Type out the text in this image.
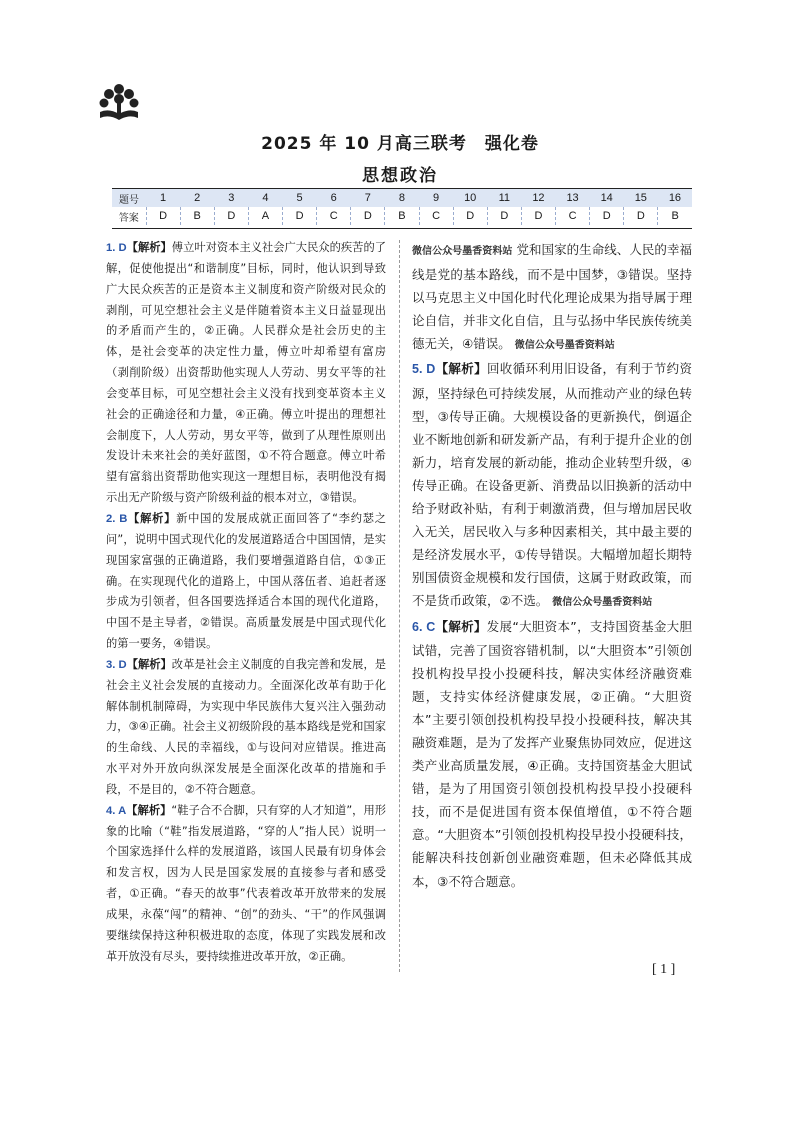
2025 年 10 月高三联考　强化卷
思想政治
题号	1	2	3	4	5	6	7	8	9	10	11	12	13	14	15	16
答案	D	B	D	A	D	C	D	B	C	D	D	D	C	D	D	B

1. D【解析】傅立叶对资本主义社会广大民众的疾苦的了解，促使他提出“和谐制度”目标，同时，他认识到导致广大民众疾苦的正是资本主义制度和资产阶级对民众的剥削，可见空想社会主义是伴随着资本主义日益显现出的矛盾而产生的，②正确。人民群众是社会历史的主体，是社会变革的决定性力量，傅立叶却希望有富房（剥削阶级）出资帮助他实现人人劳动、男女平等的社会变革目标，可见空想社会主义没有找到变革资本主义社会的正确途径和力量，④正确。傅立叶提出的理想社会制度下，人人劳动，男女平等，做到了从理性原则出发设计未来社会的美好蓝图，①不符合题意。傅立叶希望有富翁出资帮助他实现这一理想目标，表明他没有揭示出无产阶级与资产阶级利益的根本对立，③错误。

2. B【解析】新中国的发展成就正面回答了“李约瑟之问”，说明中国式现代化的发展道路适合中国国情，是实现国家富强的正确道路，我们要增强道路自信，①③正确。在实现现代化的道路上，中国从落伍者、追赶者逐步成为引领者，但各国要选择适合本国的现代化道路，中国不是主导者，②错误。高质量发展是中国式现代化的第一要务，④错误。

3. D【解析】改革是社会主义制度的自我完善和发展，是社会主义社会发展的直接动力。全面深化改革有助于化解体制机制障碍，为实现中华民族伟大复兴注入强劲动力，③④正确。社会主义初级阶段的基本路线是党和国家的生命线、人民的幸福线，①与设问对应错误。推进高水平对外开放向纵深发展是全面深化改革的措施和手段，不是目的，②不符合题意。

4. A【解析】“鞋子合不合脚，只有穿的人才知道”，用形象的比喻（“鞋”指发展道路，“穿的人”指人民）说明一个国家选择什么样的发展道路，该国人民最有切身体会和发言权，因为人民是国家发展的直接参与者和感受者，①正确。“春天的故事”代表着改革开放带来的发展成果，永葆“闯”的精神、“创”的劲头、“干”的作风强调要继续保持这种积极进取的态度，体现了实践发展和改革开放没有尽头，要持续推进改革开放，②正确。

微信公众号墨香资料站 党和国家的生命线、人民的幸福线是党的基本路线，而不是中国梦，③错误。坚持以马克思主义中国化时代化理论成果为指导属于理论自信，并非文化自信，且与弘扬中华民族传统美德无关，④错误。 微信公众号墨香资料站

5. D【解析】回收循环利用旧设备，有利于节约资源，坚持绿色可持续发展，从而推动产业的绿色转型，③传导正确。大规模设备的更新换代，倒逼企业不断地创新和研发新产品，有利于提升企业的创新力，培育发展的新动能，推动企业转型升级，④传导正确。在设备更新、消费品以旧换新的活动中给予财政补贴，有利于刺激消费，但与增加居民收入无关，居民收入与多种因素相关，其中最主要的是经济发展水平，①传导错误。大幅增加超长期特别国债资金规模和发行国债，这属于财政政策，而不是货币政策，②不选。 微信公众号墨香资料站

6. C【解析】发展“大胆资本”，支持国资基金大胆试错，完善了国资容错机制，以“大胆资本”引领创投机构投早投小投硬科技，解决实体经济融资难题，支持实体经济健康发展，②正确。“大胆资本”主要引领创投机构投早投小投硬科技，解决其融资难题，是为了发挥产业聚焦协同效应，促进这类产业高质量发展，④正确。支持国资基金大胆试错，是为了用国资引领创投机构投早投小投硬科技，而不是促进国有资本保值增值，①不符合题意。“大胆资本”引领创投机构投早投小投硬科技，能解决科技创新创业融资难题，但未必降低其成本，③不符合题意。

[ 1 ]
